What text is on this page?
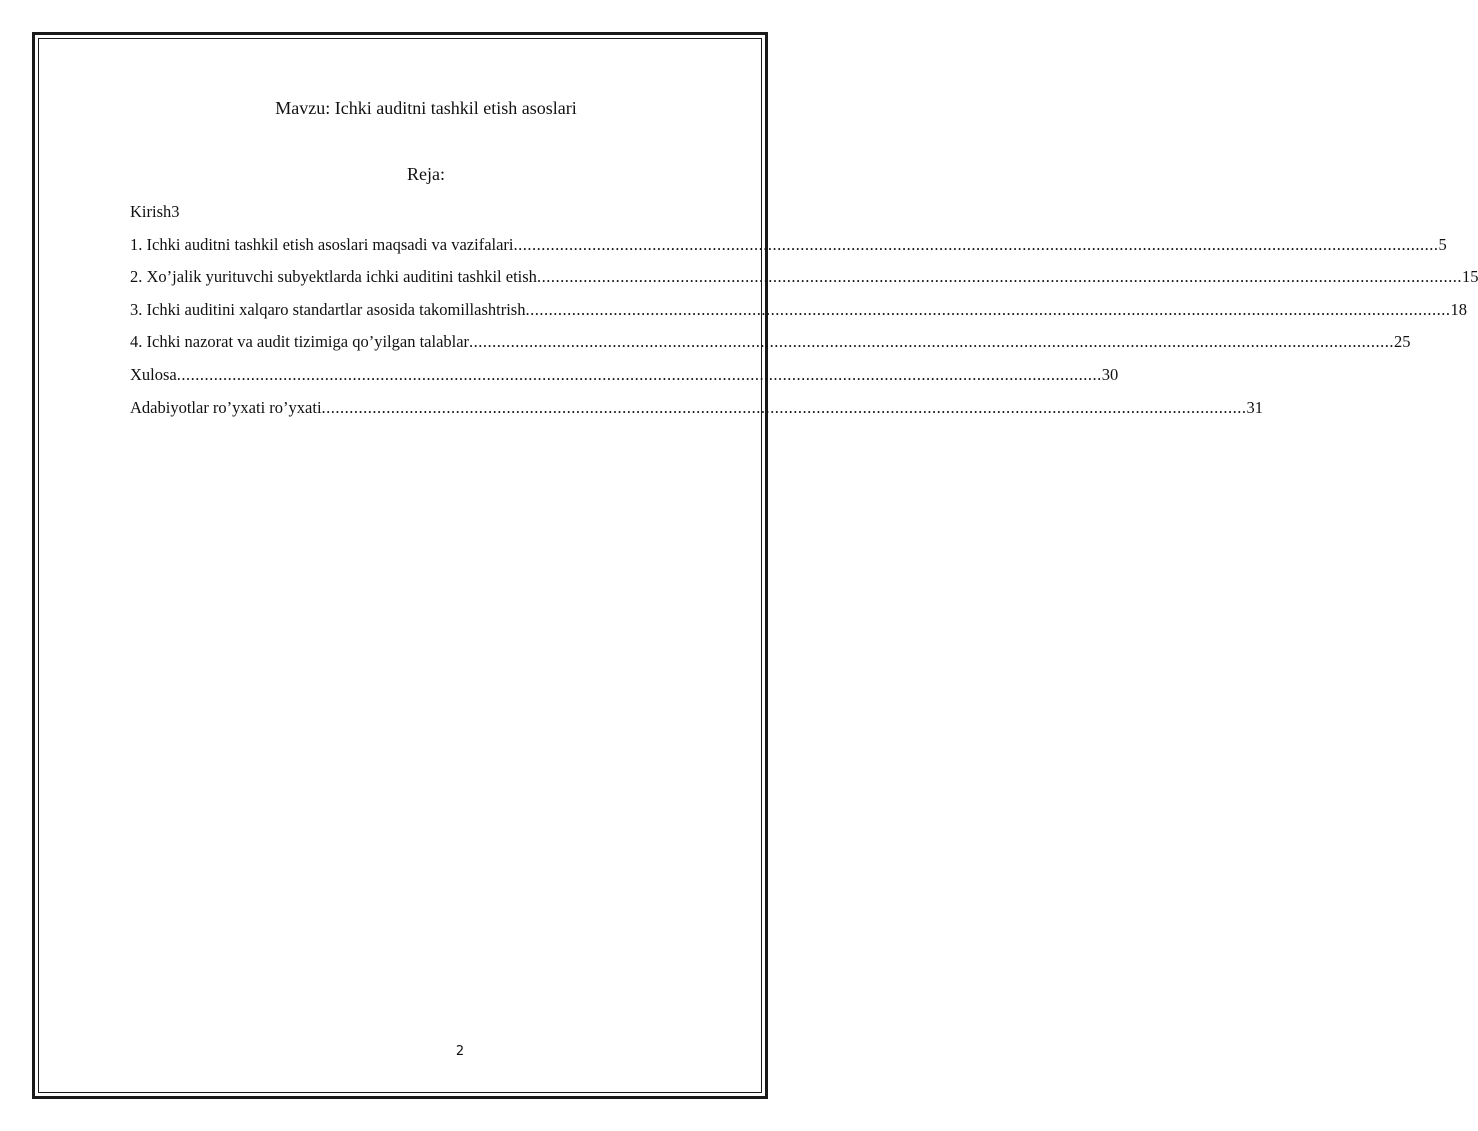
Mavzu: Ichki auditni tashkil etish asoslari
Reja:
Kirish3
1. Ichki auditni tashkil etish asoslari maqsadi va vazifalari ........................................................................................................................................................................................................ 5
2. Xo’jalik yurituvchi subyektlarda ichki auditini tashkil etish ........................................................................................................................................................................................................ 15
3. Ichki auditini xalqaro standartlar asosida takomillashtrish ........................................................................................................................................................................................................ 18
4. Ichki nazorat va audit tizimiga qo’yilgan talablar ........................................................................................................................................................................................................ 25
Xulosa ........................................................................................................................................................................................................ 30
Adabiyotlar ro’yxati ro’yxati ........................................................................................................................................................................................................ 31
2
